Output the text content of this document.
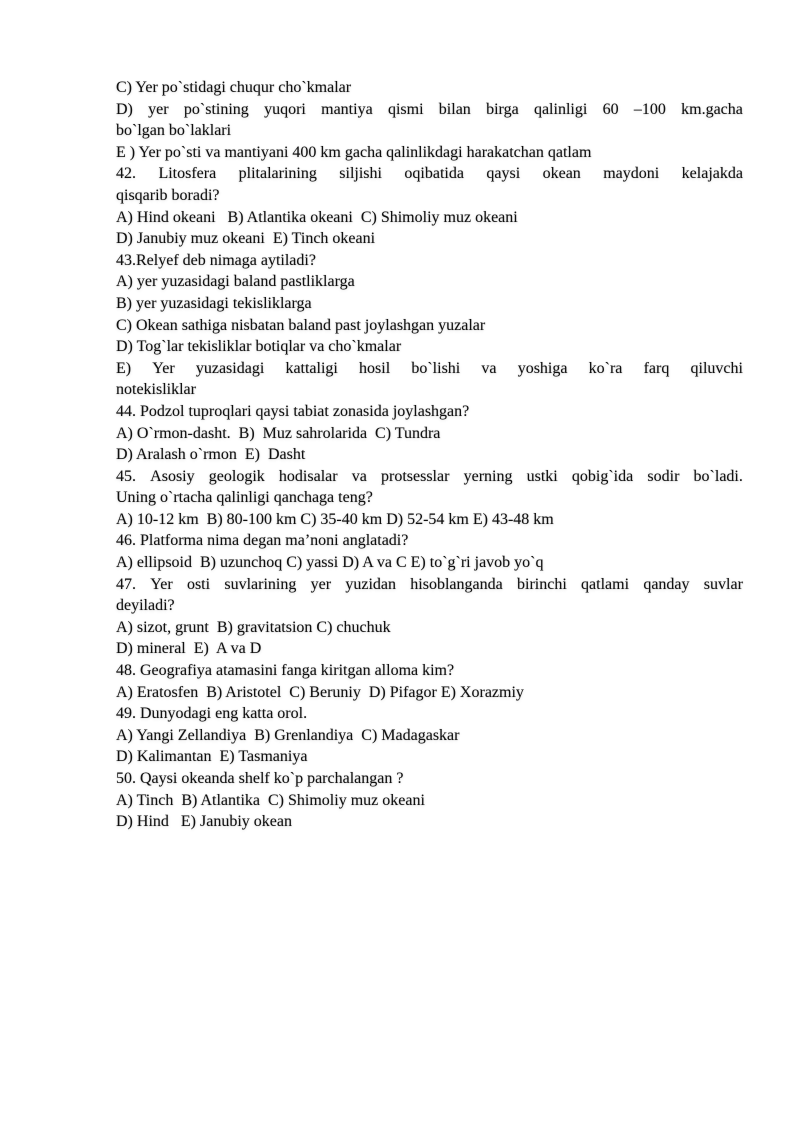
C) Yer po`stidagi chuqur cho`kmalar
D) yer po`stining yuqori mantiya qismi bilan birga qalinligi 60 –100 km.gacha
bo`lgan bo`laklari
E ) Yer po`sti va mantiyani 400 km gacha qalinlikdagi harakatchan qatlam
42. Litosfera plitalarining siljishi oqibatida qaysi okean maydoni kelajakda
qisqarib boradi?
A) Hind okeani   B) Atlantika okeani  C) Shimoliy muz okeani
D) Janubiy muz okeani  E) Tinch okeani
43.Relyef deb nimaga aytiladi?
A) yer yuzasidagi baland pastliklarga
B) yer yuzasidagi tekisliklarga
C) Okean sathiga nisbatan baland past joylashgan yuzalar
D) Tog`lar tekisliklar botiqlar va cho`kmalar
E) Yer yuzasidagi kattaligi hosil bo`lishi va yoshiga ko`ra farq qiluvchi
notekisliklar
44. Podzol tuproqlari qaysi tabiat zonasida joylashgan?
A) O`rmon-dasht.  B)  Muz sahrolarida  C) Tundra
D) Aralash o`rmon  E)  Dasht
45. Asosiy geologik hodisalar va protsesslar yerning ustki qobig`ida sodir bo`ladi.
Uning o`rtacha qalinligi qanchaga teng?
A) 10-12 km  B) 80-100 km C) 35-40 km D) 52-54 km E) 43-48 km
46. Platforma nima degan ma’noni anglatadi?
A) ellipsoid  B) uzunchoq C) yassi D) A va C E) to`g`ri javob yo`q
47. Yer osti suvlarining yer yuzidan hisoblanganda birinchi qatlami qanday suvlar
deyiladi?
A) sizot, grunt  B) gravitatsion C) chuchuk
D) mineral  E)  A va D
48. Geografiya atamasini fanga kiritgan alloma kim?
A) Eratosfen  B) Aristotel  C) Beruniy  D) Pifagor E) Xorazmiy
49. Dunyodagi eng katta orol.
A) Yangi Zellandiya  B) Grenlandiya  C) Madagaskar
D) Kalimantan  E) Tasmaniya
50. Qaysi okeanda shelf ko`p parchalangan ?
A) Tinch  B) Atlantika  C) Shimoliy muz okeani
D) Hind   E) Janubiy okean
